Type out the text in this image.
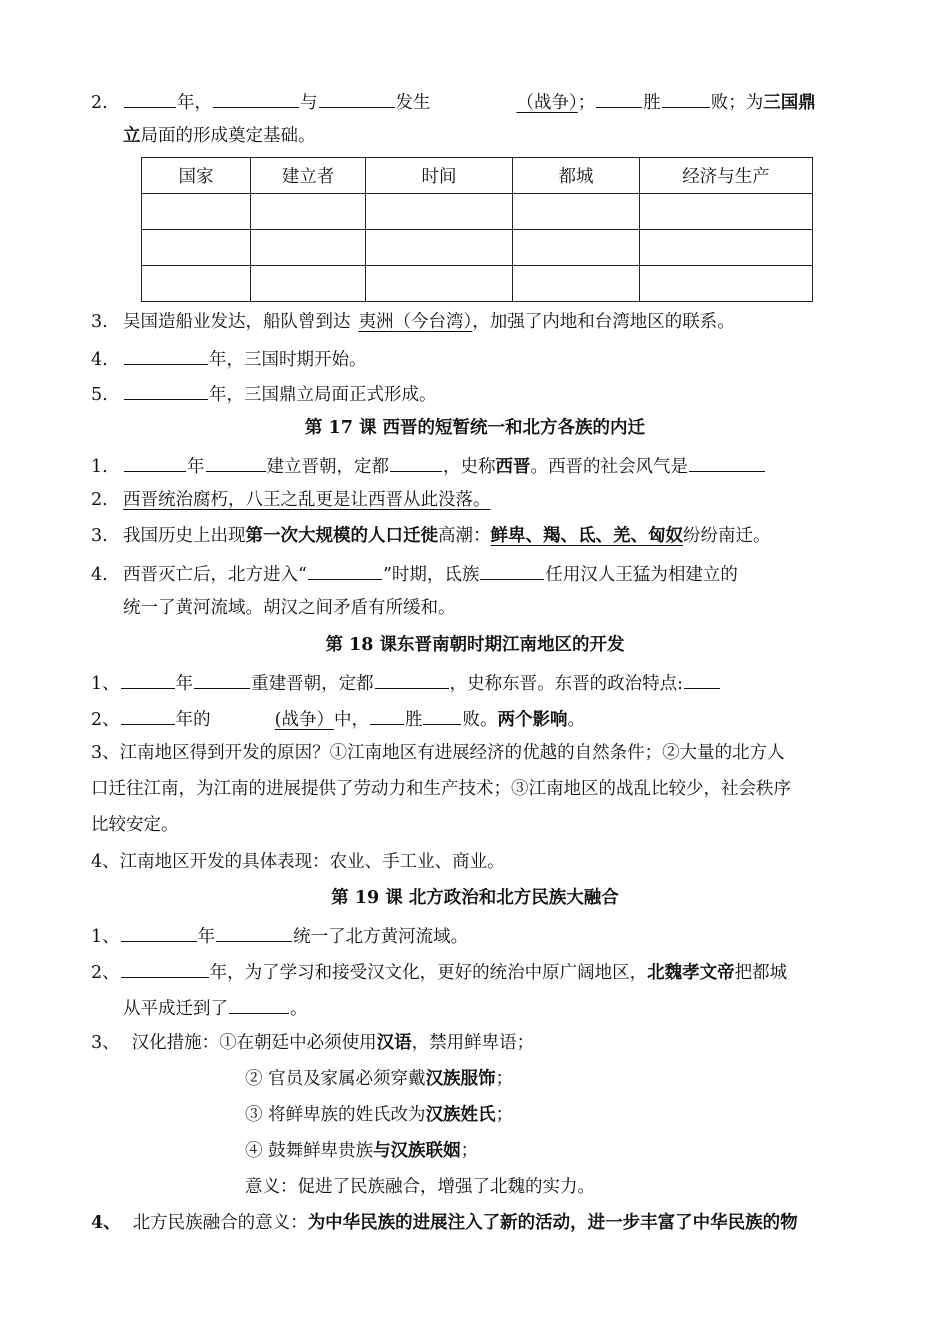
2.	年，	与	发生	（战争）；	胜	败；为三国鼎
立局面的形成奠定基础。
国家	建立者	时间	都城	经济与生产

3. 吴国造船业发达，船队曾到达 夷洲（今台湾），加强了内地和台湾地区的联系。
4.	年，三国时期开始。
5.	年，三国鼎立局面正式形成。
第 17 课 西晋的短暂统一和北方各族的内迁
1.	年	建立晋朝，定都	，史称西晋。西晋的社会风气是
2. 西晋统治腐朽，八王之乱更是让西晋从此没落。
3. 我国历史上出现第一次大规模的人口迁徙高潮：鲜卑、羯、氐、羌、匈奴纷纷南迁。
4. 西晋灭亡后，北方进入“	”时期，氐族	任用汉人王猛为相建立的
统一了黄河流域。胡汉之间矛盾有所缓和。
第 18 课东晋南朝时期江南地区的开发
1、	年	重建晋朝，定都	，史称东晋。东晋的政治特点:
2、	年的	(战争）中， 胜 败。两个影响。
3、江南地区得到开发的原因？①江南地区有进展经济的优越的自然条件；②大量的北方人
口迁往江南，为江南的进展提供了劳动力和生产技术；③江南地区的战乱比较少，社会秩序
比较安定。
4、江南地区开发的具体表现：农业、手工业、商业。
第 19 课 北方政治和北方民族大融合
1、	年	统一了北方黄河流域。
2、	年，为了学习和接受汉文化，更好的统治中原广阔地区，北魏孝文帝把都城
从平成迁到了	。
3、 汉化措施：①在朝廷中必须使用汉语，禁用鲜卑语；
② 官员及家属必须穿戴汉族服饰；
③ 将鲜卑族的姓氏改为汉族姓氏；
④ 鼓舞鲜卑贵族与汉族联姻；
意义：促进了民族融合，增强了北魏的实力。
4、 北方民族融合的意义：为中华民族的进展注入了新的活动，进一步丰富了中华民族的物
